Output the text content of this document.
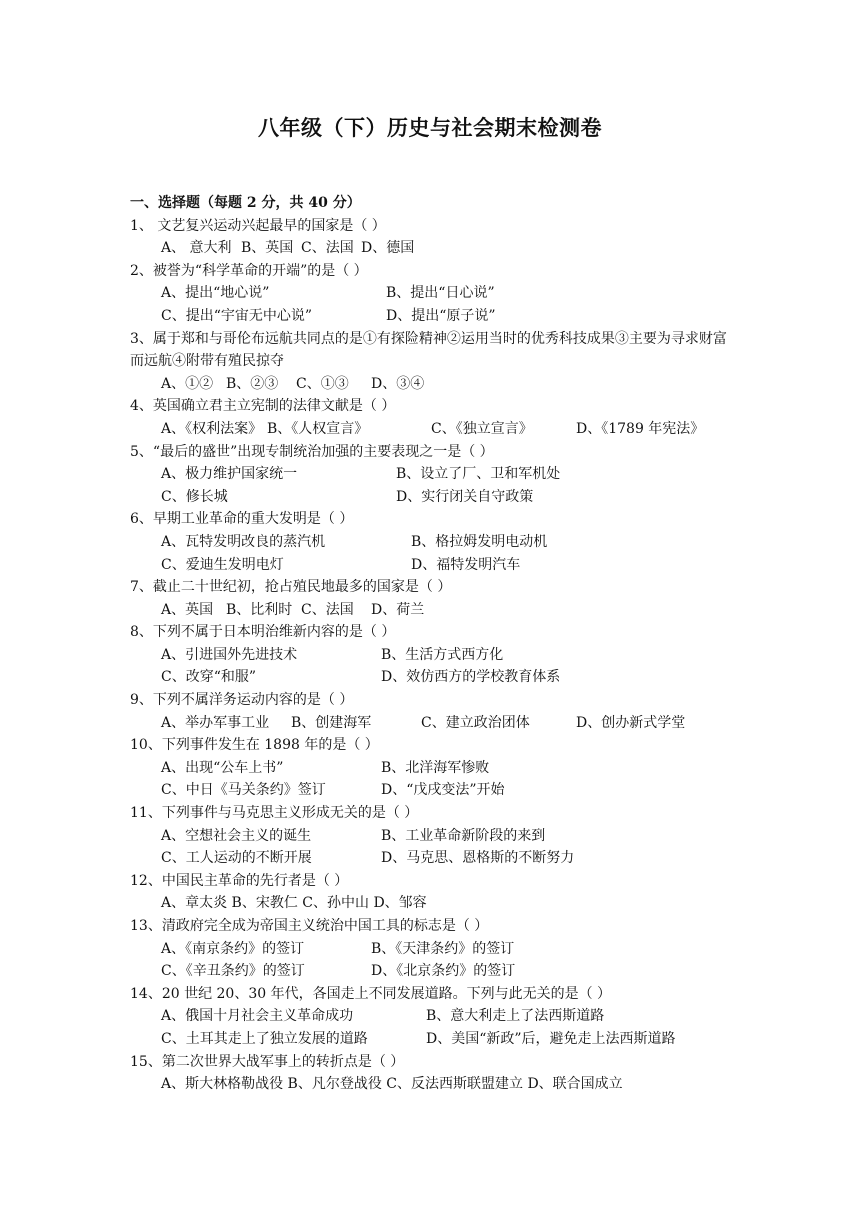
八年级（下）历史与社会期末检测卷
一、选择题（每题 2 分，共 40 分）
1、 文艺复兴运动兴起最早的国家是（ ）
A、 意大利 B、英国 C、法国 D、德国
2、被誉为“科学革命的开端”的是（ ）
A、提出“地心说”	B、提出“日心说”
C、提出“宇宙无中心说”	D、提出“原子说”
3、属于郑和与哥伦布远航共同点的是①有探险精神②运用当时的优秀科技成果③主要为寻求财富而远航④附带有殖民掠夺
A、①② B、②③ C、①③ D、③④
4、英国确立君主立宪制的法律文献是（ ）
A、《权利法案》 B、《人权宣言》	C、《独立宣言》	D、《1789 年宪法》
5、“最后的盛世”出现专制统治加强的主要表现之一是（ ）
A、极力维护国家统一	B、设立了厂、卫和军机处
C、修长城	D、实行闭关自守政策
6、早期工业革命的重大发明是（ ）
A、瓦特发明改良的蒸汽机	B、格拉姆发明电动机
C、爱迪生发明电灯	D、福特发明汽车
7、截止二十世纪初，抢占殖民地最多的国家是（ ）
A、英国 B、比利时 C、法国 D、荷兰
8、下列不属于日本明治维新内容的是（ ）
A、引进国外先进技术	B、生活方式西方化
C、改穿“和服”	D、效仿西方的学校教育体系
9、下列不属洋务运动内容的是（ ）
A、举办军事工业 B、创建海军	C、建立政治团体	D、创办新式学堂
10、下列事件发生在 1898 年的是（ ）
A、出现“公车上书”	B、北洋海军惨败
C、中日《马关条约》签订	D、“戊戌变法”开始
11、下列事件与马克思主义形成无关的是（ ）
A、空想社会主义的诞生	B、工业革命新阶段的来到
C、工人运动的不断开展	D、马克思、恩格斯的不断努力
12、中国民主革命的先行者是（ ）
A、章太炎 B、宋教仁 C、孙中山 D、邹容
13、清政府完全成为帝国主义统治中国工具的标志是（ ）
A、《南京条约》的签订	B、《天津条约》的签订
C、《辛丑条约》的签订	D、《北京条约》的签订
14、20 世纪 20、30 年代，各国走上不同发展道路。下列与此无关的是（ ）
A、俄国十月社会主义革命成功	B、意大利走上了法西斯道路
C、土耳其走上了独立发展的道路	D、美国“新政”后，避免走上法西斯道路
15、第二次世界大战军事上的转折点是（ ）
A、斯大林格勒战役 B、凡尔登战役 C、反法西斯联盟建立 D、联合国成立
